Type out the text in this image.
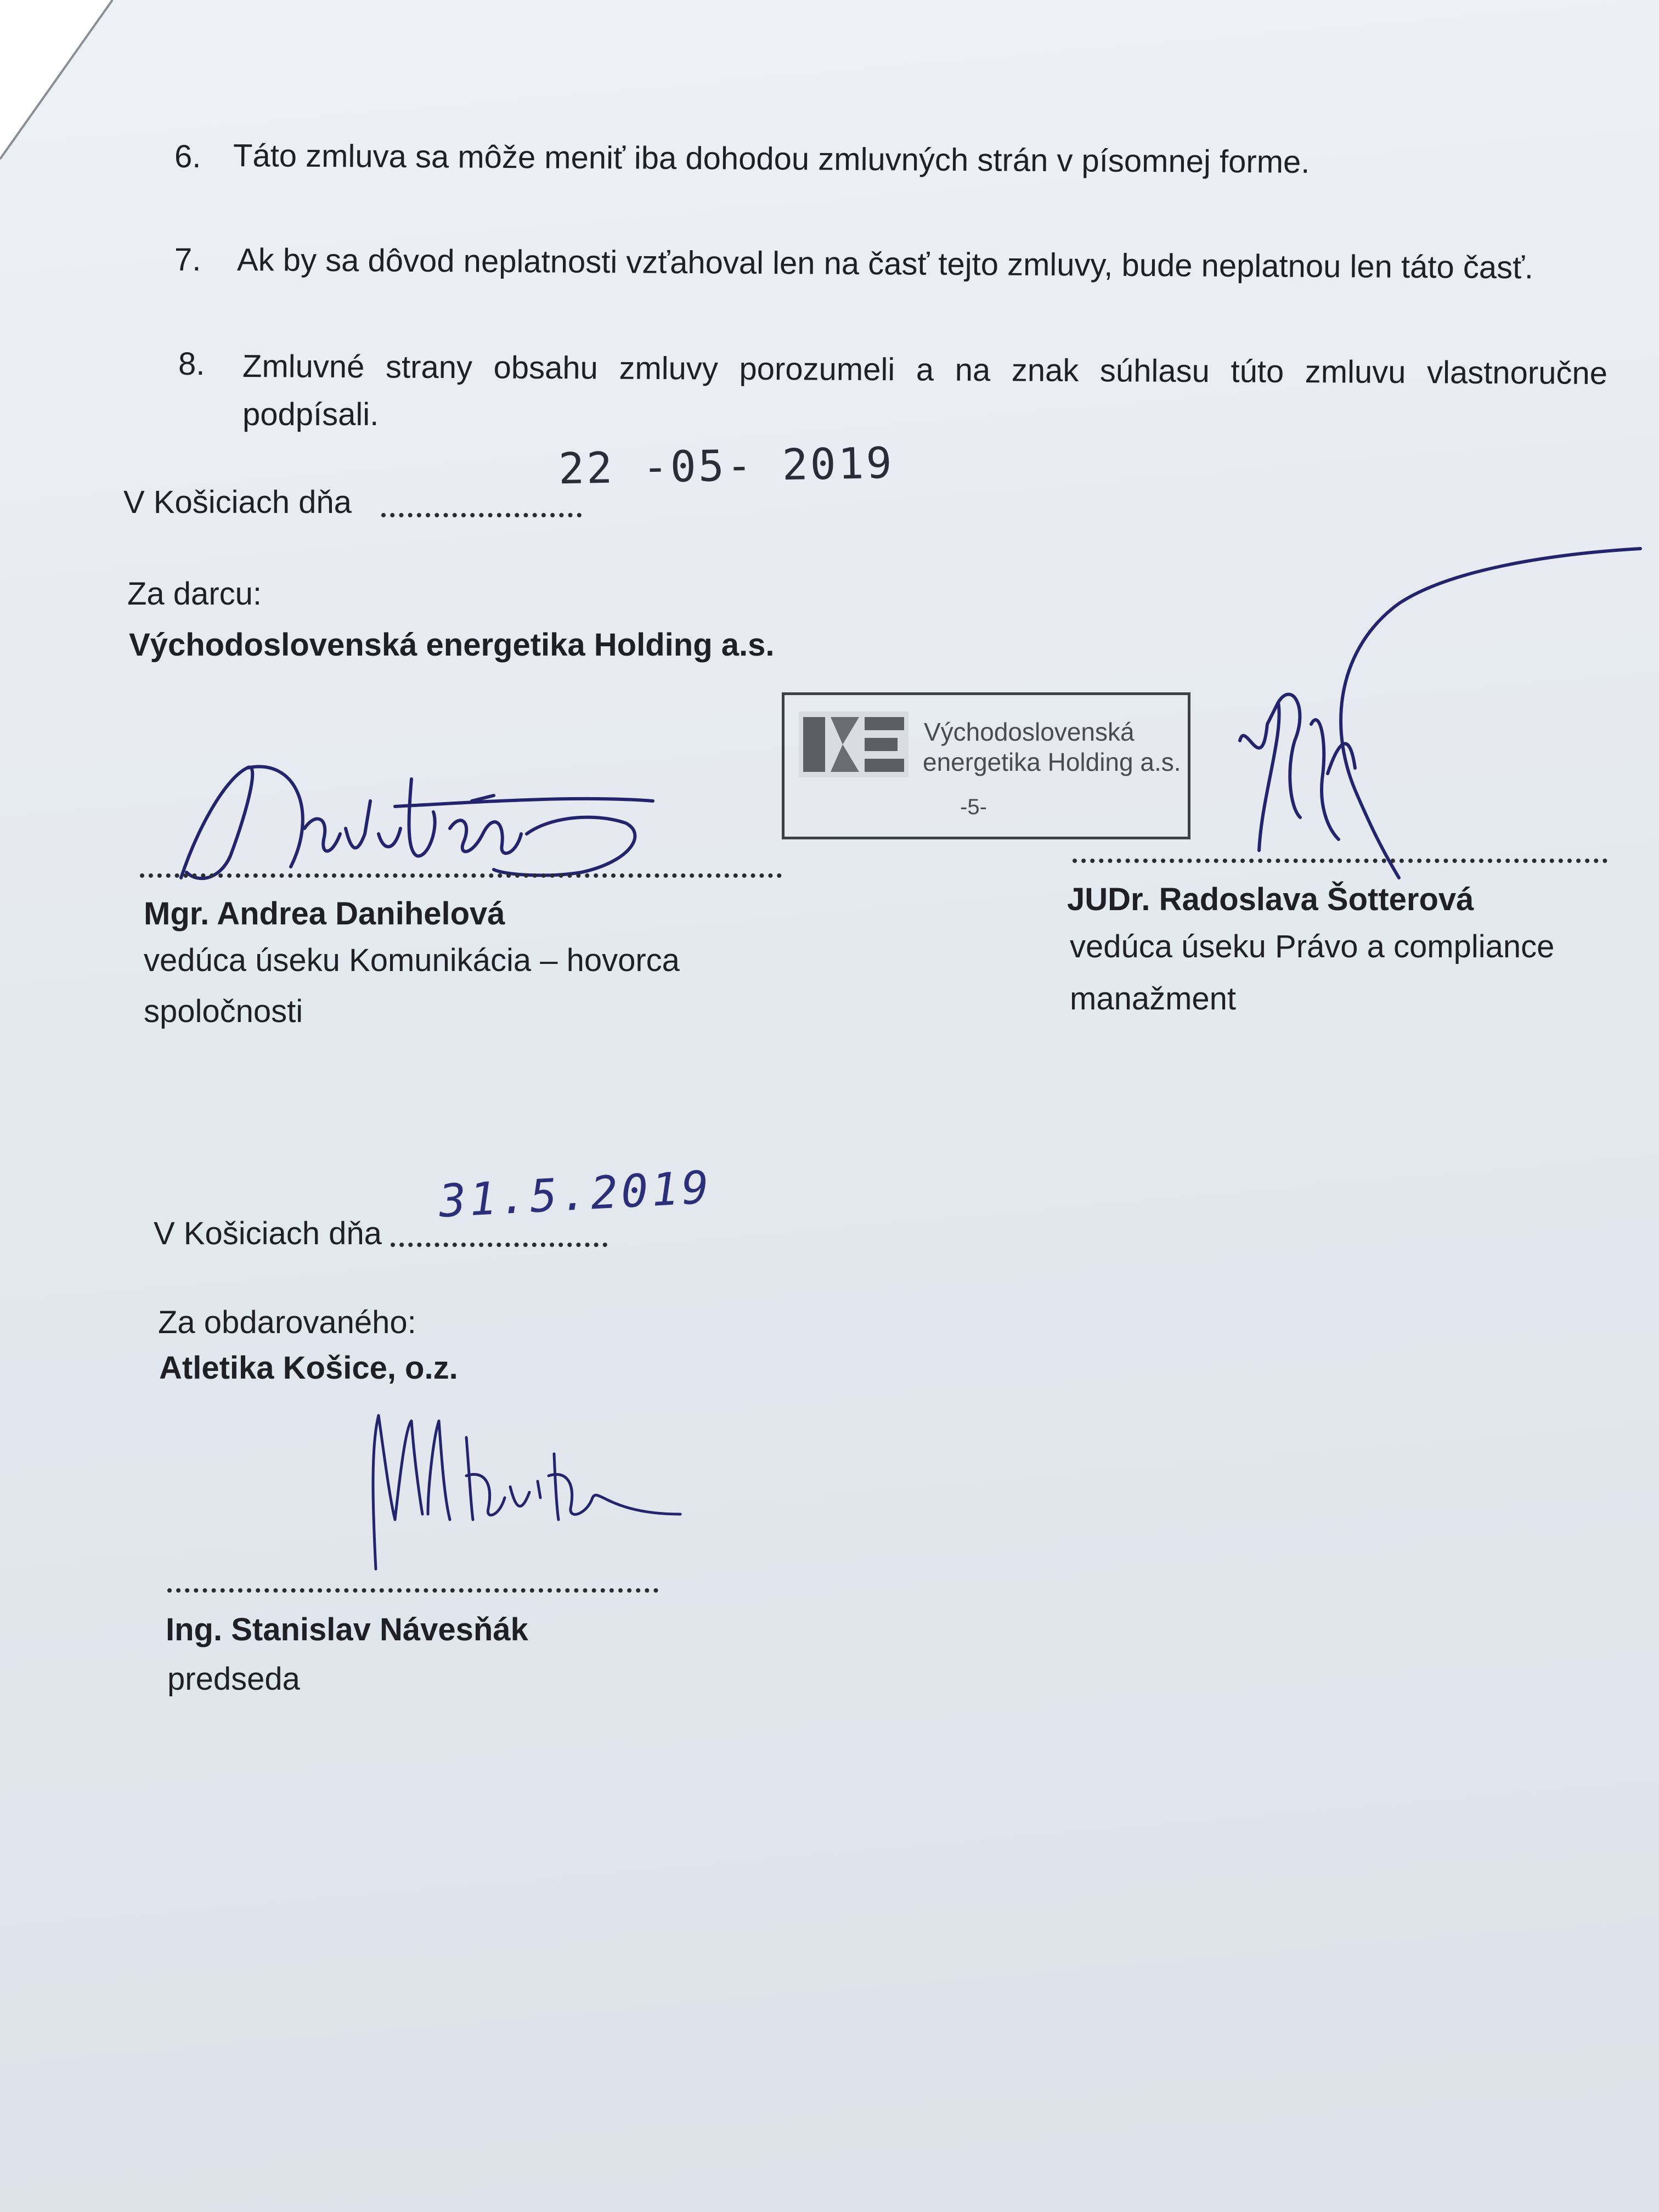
6. Táto zmluva sa môže meniť iba dohodou zmluvných strán v písomnej forme.
7. Ak by sa dôvod neplatnosti vzťahoval len na časť tejto zmluvy, bude neplatnou len táto časť.
8. Zmluvné strany obsahu zmluvy porozumeli a na znak súhlasu túto zmluvu vlastnoručne
podpísali.
V Košiciach dňa
22 -05- 2019
Za darcu:
Východoslovenská energetika Holding a.s.
Východoslovenská
energetika Holding a.s.
-5-
Mgr. Andrea Danihelová
vedúca úseku Komunikácia – hovorca
spoločnosti
JUDr. Radoslava Šotterová
vedúca úseku Právo a compliance
manažment
V Košiciach dňa
31.5.2019
Za obdarovaného:
Atletika Košice, o.z.
Ing. Stanislav Návesňák
predseda
